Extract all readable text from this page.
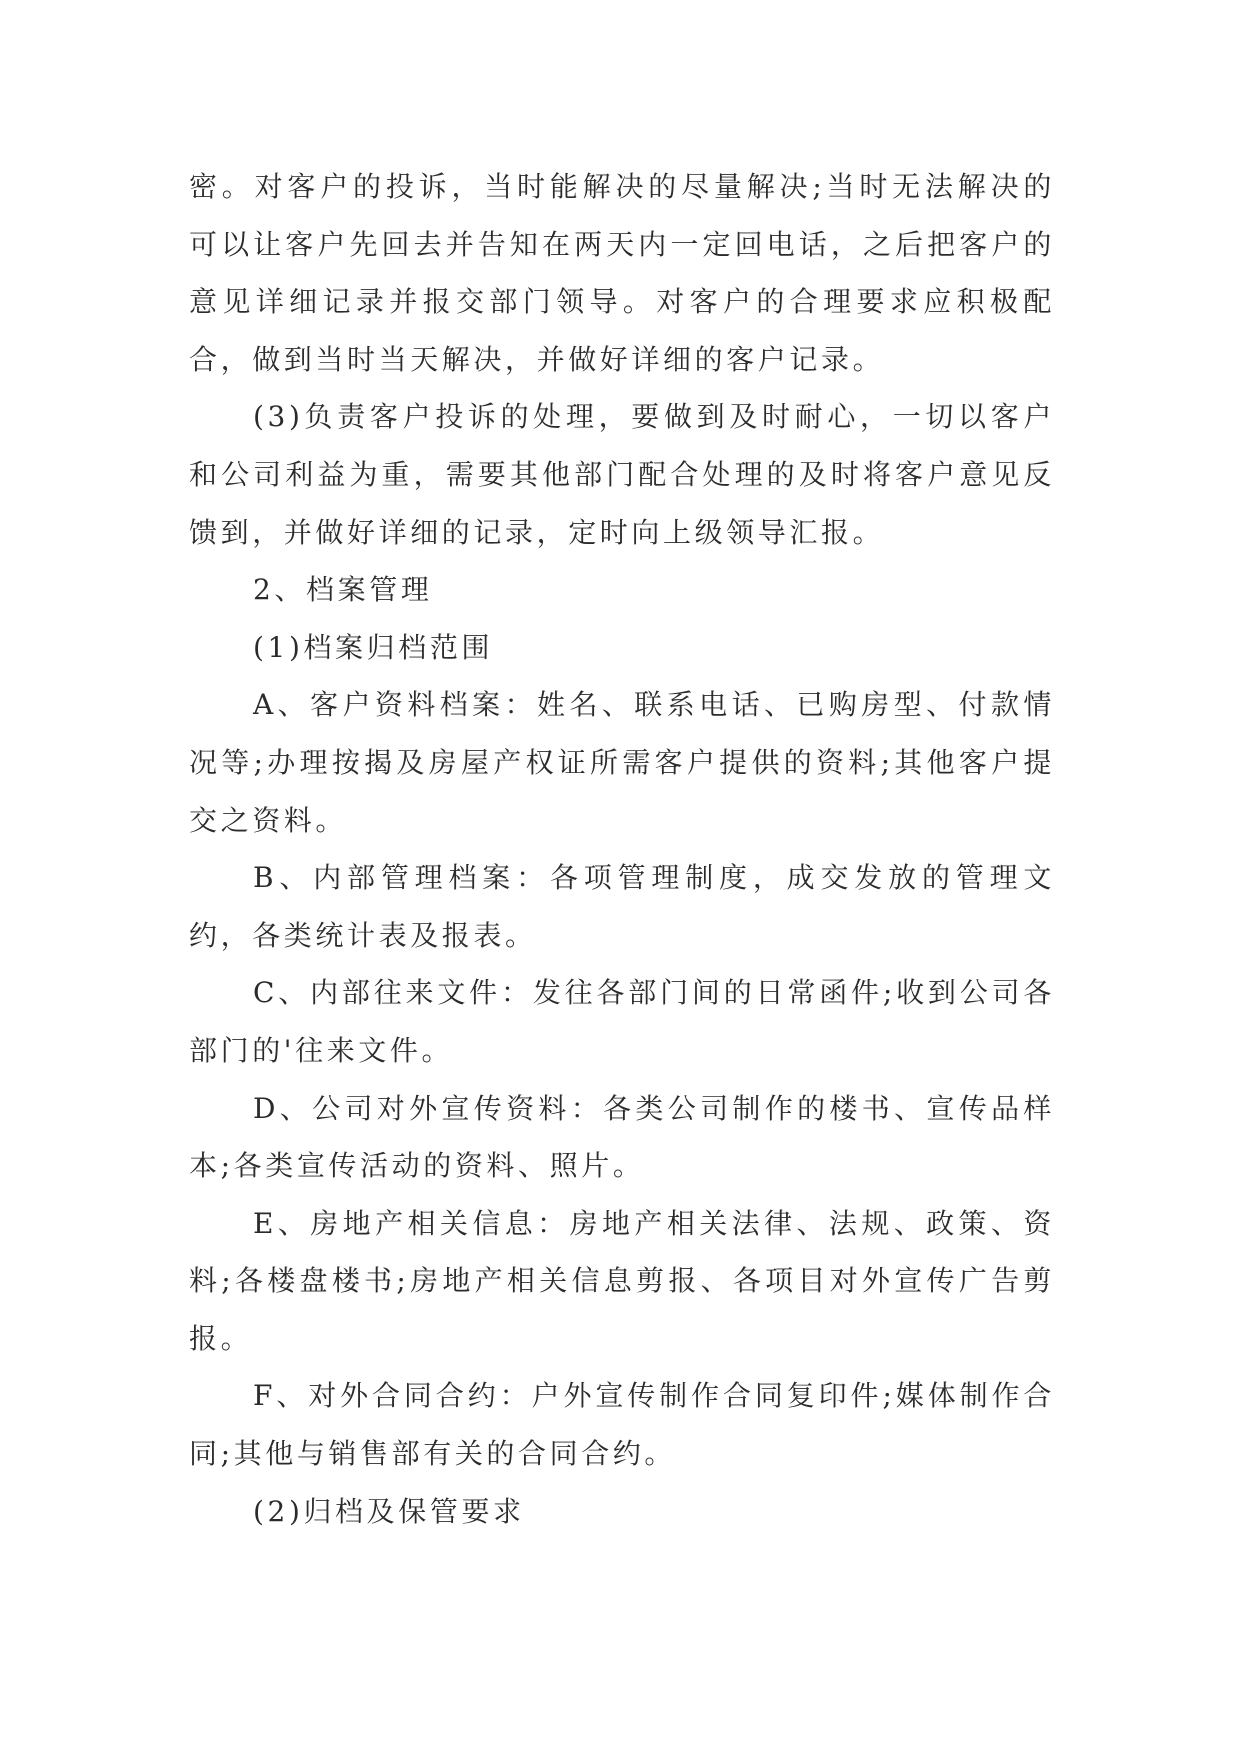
密。对客户的投诉，当时能解决的尽量解决;当时无法解决的可以让客户先回去并告知在两天内一定回电话，之后把客户的意见详细记录并报交部门领导。对客户的合理要求应积极配合，做到当时当天解决，并做好详细的客户记录。

(3)负责客户投诉的处理，要做到及时耐心，一切以客户和公司利益为重，需要其他部门配合处理的及时将客户意见反馈到，并做好详细的记录，定时向上级领导汇报。

2、档案管理

(1)档案归档范围

A、客户资料档案：姓名、联系电话、已购房型、付款情况等;办理按揭及房屋产权证所需客户提供的资料;其他客户提交之资料。

B、内部管理档案：各项管理制度，成交发放的管理文约，各类统计表及报表。

C、内部往来文件：发往各部门间的日常函件;收到公司各部门的'往来文件。

D、公司对外宣传资料：各类公司制作的楼书、宣传品样本;各类宣传活动的资料、照片。

E、房地产相关信息：房地产相关法律、法规、政策、资料;各楼盘楼书;房地产相关信息剪报、各项目对外宣传广告剪报。

F、对外合同合约：户外宣传制作合同复印件;媒体制作合同;其他与销售部有关的合同合约。

(2)归档及保管要求
